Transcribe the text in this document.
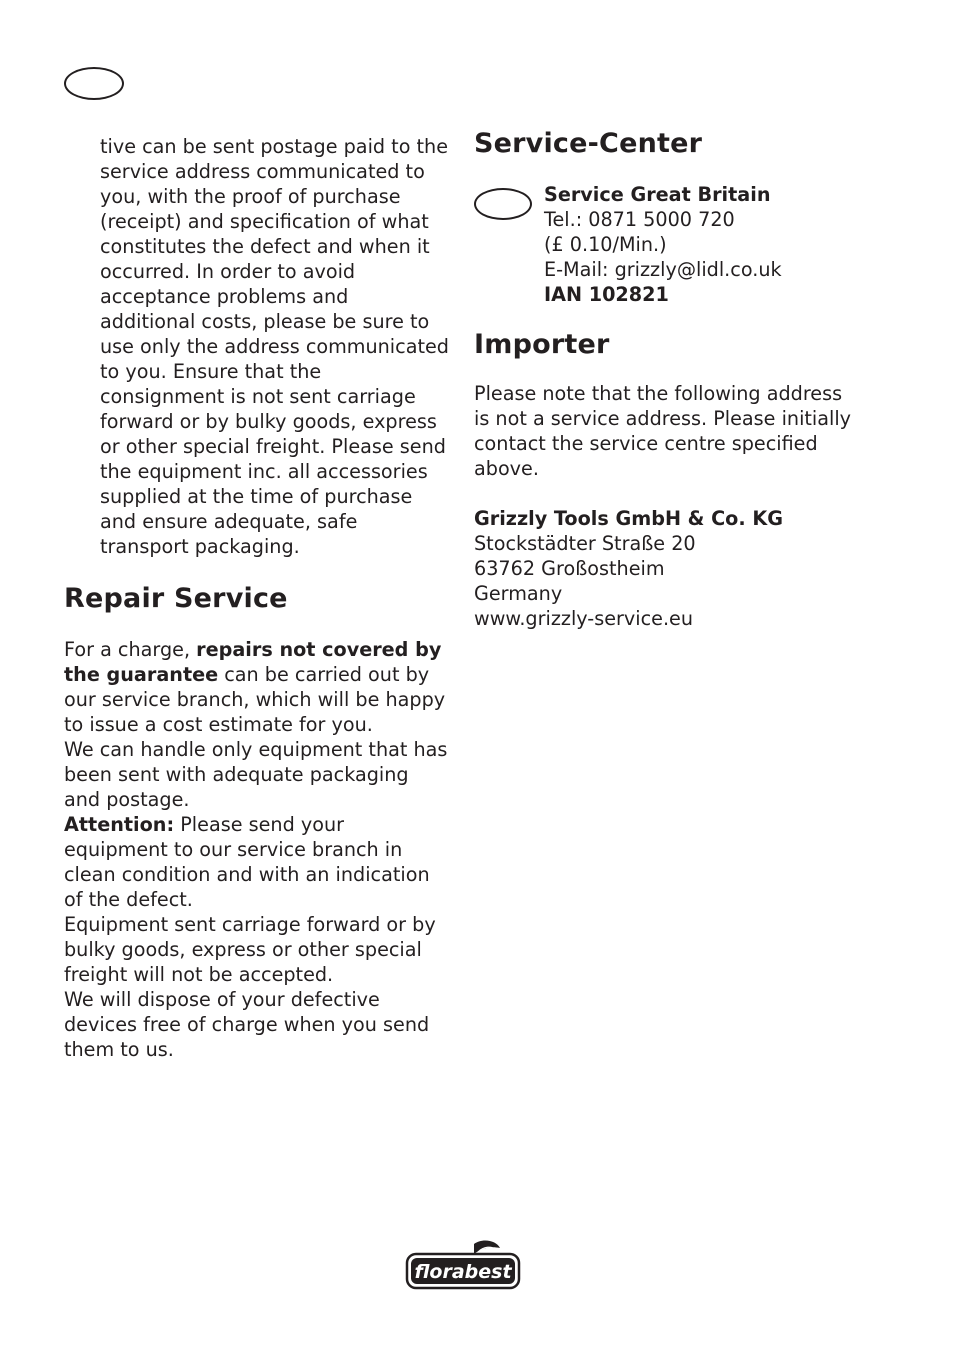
tive can be sent postage paid to the service address communicated to you, with the proof of purchase (receipt) and specification of what constitutes the defect and when it occurred. In order to avoid acceptance problems and additional costs, please be sure to use only the address communicated to you. Ensure that the consignment is not sent carriage forward or by bulky goods, express or other special freight. Please send the equipment inc. all accessories supplied at the time of purchase and ensure adequate, safe transport packaging.

Repair Service

For a charge, repairs not covered by the guarantee can be carried out by our service branch, which will be happy to issue a cost estimate for you.

We can handle only equipment that has been sent with adequate packaging and postage.

Attention: Please send your equipment to our service branch in clean condition and with an indication of the defect.

Equipment sent carriage forward or by bulky goods, express or other special freight will not be accepted.

We will dispose of your defective devices free of charge when you send them to us.

Service-Center

Service Great Britain

Tel.: 0871 5000 720

(£ 0.10/Min.)

E-Mail: grizzly@lidl.co.uk

IAN 102821

Importer

Please note that the following address is not a service address. Please initially contact the service centre specified above.

Grizzly Tools GmbH & Co. KG

Stockstädter Straße 20

63762 Großostheim

Germany

www.grizzly-service.eu

florabest
